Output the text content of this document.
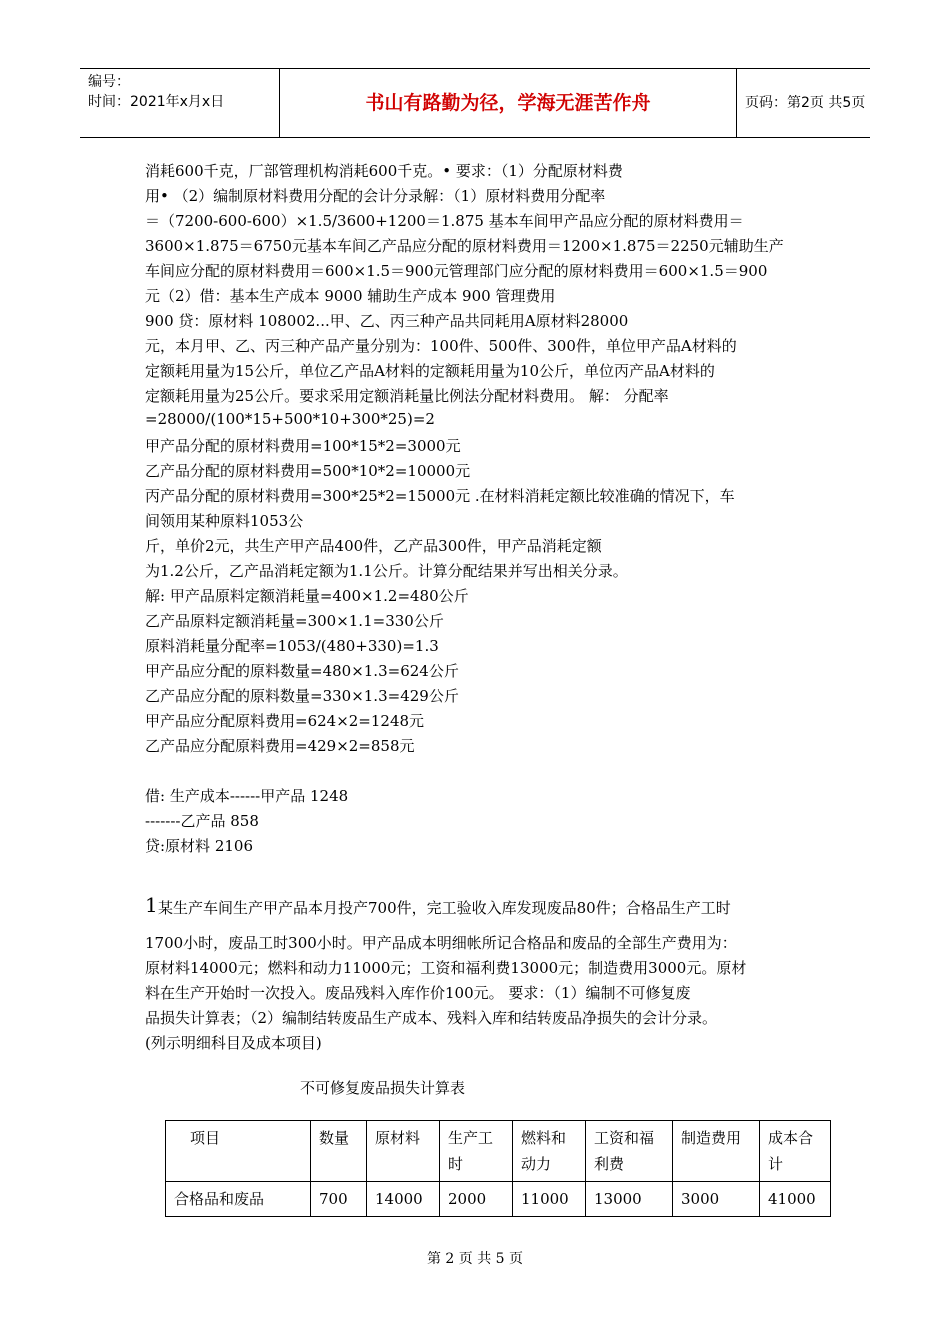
编号：
时间：2021年x月x日	书山有路勤为径，学海无涯苦作舟	页码：第2页 共5页
消耗600千克，厂部管理机构消耗600千克。• 要求：（1）分配原材料费
用• （2）编制原材料费用分配的会计分录解：（1）原材料费用分配率
＝（7200-600-600）×1.5/3600+1200＝1.875 基本车间甲产品应分配的原材料费用＝
3600×1.875＝6750元基本车间乙产品应分配的原材料费用＝1200×1.875＝2250元辅助生产
车间应分配的原材料费用＝600×1.5＝900元管理部门应分配的原材料费用＝600×1.5＝900
元（2）借：基本生产成本 9000 辅助生产成本 900 管理费用
900 贷：原材料 108002...甲、乙、丙三种产品共同耗用A原材料28000
元，本月甲、乙、丙三种产品产量分别为：100件、500件、300件，单位甲产品A材料的
定额耗用量为15公斤，单位乙产品A材料的定额耗用量为10公斤，单位丙产品A材料的
定额耗用量为25公斤。要求采用定额消耗量比例法分配材料费用。 解： 分配率
=28000/(100*15+500*10+300*25)=2
甲产品分配的原材料费用=100*15*2=3000元
乙产品分配的原材料费用=500*10*2=10000元
丙产品分配的原材料费用=300*25*2=15000元 .在材料消耗定额比较准确的情况下，车
间领用某种原料1053公
斤，单价2元，共生产甲产品400件，乙产品300件，甲产品消耗定额
为1.2公斤，乙产品消耗定额为1.1公斤。计算分配结果并写出相关分录。
解: 甲产品原料定额消耗量=400×1.2=480公斤
乙产品原料定额消耗量=300×1.1=330公斤
原料消耗量分配率=1053/(480+330)=1.3
甲产品应分配的原料数量=480×1.3=624公斤
乙产品应分配的原料数量=330×1.3=429公斤
甲产品应分配原料费用=624×2=1248元
乙产品应分配原料费用=429×2=858元
借: 生产成本------甲产品 1248
-------乙产品 858
贷:原材料 2106
1 某生产车间生产甲产品本月投产700件，完工验收入库发现废品80件；合格品生产工时
1700小时，废品工时300小时。甲产品成本明细帐所记合格品和废品的全部生产费用为：
原材料14000元；燃料和动力11000元；工资和福利费13000元；制造费用3000元。原材
料在生产开始时一次投入。废品残料入库作价100元。 要求：（1）编制不可修复废
品损失计算表；（2）编制结转废品生产成本、残料入库和结转废品净损失的会计分录。
(列示明细科目及成本项目)
不可修复废品损失计算表
项目	数量	原材料	生产工时	燃料和动力	工资和福利费	制造费用	成本合计
合格品和废品	700	14000	2000	11000	13000	3000	41000
第 2 页 共 5 页
